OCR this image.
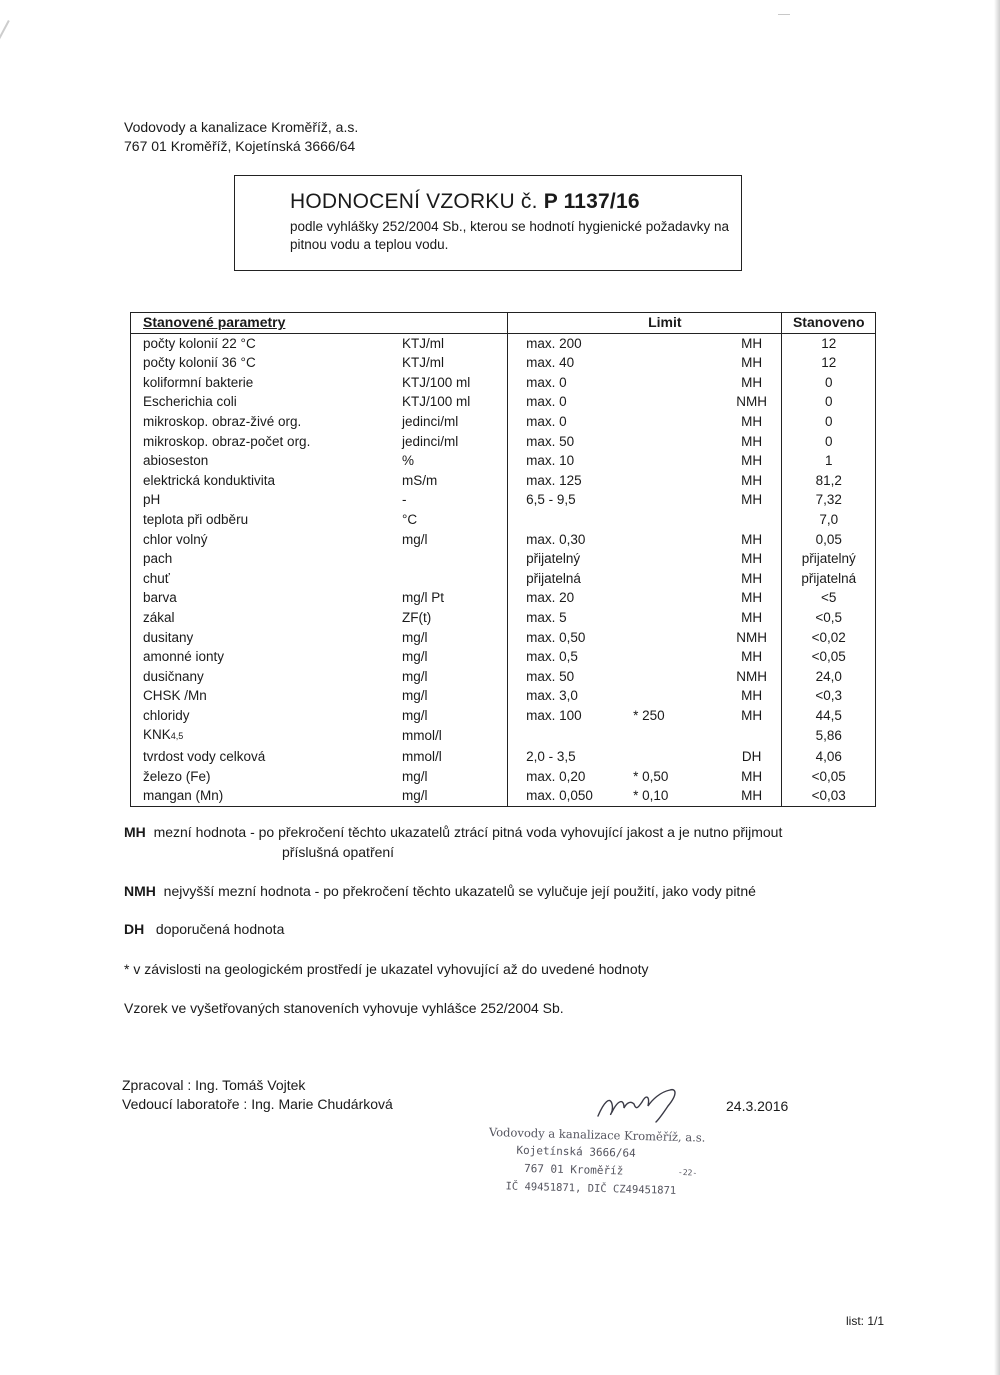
Vodovody a kanalizace Kroměříž, a.s.
767 01 Kroměříž, Kojetínská 3666/64
HODNOCENÍ VZORKU č. P 1137/16
podle vyhlášky 252/2004 Sb., kterou se hodnotí hygienické požadavky na pitnou vodu a teplou vodu.
Stanovené parametry		Limit			Stanoveno
počty kolonií 22 °C	KTJ/ml	max. 200		MH	12
počty kolonií 36 °C	KTJ/ml	max. 40		MH	12
koliformní bakterie	KTJ/100 ml	max. 0		MH	0
Escherichia coli	KTJ/100 ml	max. 0		NMH	0
mikroskop. obraz-živé org.	jedinci/ml	max. 0		MH	0
mikroskop. obraz-počet org.	jedinci/ml	max. 50		MH	0
abioseston	%	max. 10		MH	1
elektrická konduktivita	mS/m	max. 125		MH	81,2
pH	-	6,5 - 9,5		MH	7,32
teplota při odběru	°C				7,0
chlor volný	mg/l	max. 0,30		MH	0,05
pach		přijatelný		MH	přijatelný
chuť		přijatelná		MH	přijatelná
barva	mg/l Pt	max. 20		MH	<5
zákal	ZF(t)	max. 5		MH	<0,5
dusitany	mg/l	max. 0,50		NMH	<0,02
amonné ionty	mg/l	max. 0,5		MH	<0,05
dusičnany	mg/l	max. 50		NMH	24,0
CHSK /Mn	mg/l	max. 3,0		MH	<0,3
chloridy	mg/l	max. 100	* 250	MH	44,5
KNK4,5	mmol/l				5,86
tvrdost vody celková	mmol/l	2,0 - 3,5		DH	4,06
železo (Fe)	mg/l	max. 0,20	* 0,50	MH	<0,05
mangan (Mn)	mg/l	max. 0,050	* 0,10	MH	<0,03
MH mezní hodnota - po překročení těchto ukazatelů ztrácí pitná voda vyhovující jakost a je nutno přijmout
příslušná opatření
NMH nejvyšší mezní hodnota - po překročení těchto ukazatelů se vylučuje její použití, jako vody pitné
DH doporučená hodnota
* v závislosti na geologickém prostředí je ukazatel vyhovující až do uvedené hodnoty
Vzorek ve vyšetřovaných stanoveních vyhovuje vyhlášce 252/2004 Sb.
Zpracoval : Ing. Tomáš Vojtek
Vedoucí laboratoře : Ing. Marie Chudárková	24.3.2016
Vodovody a kanalizace Kroměříž, a.s.
Kojetínská 3666/64
767 01 Kroměříž
IČ 49451871, DIČ CZ49451871
-22-
list: 1/1
